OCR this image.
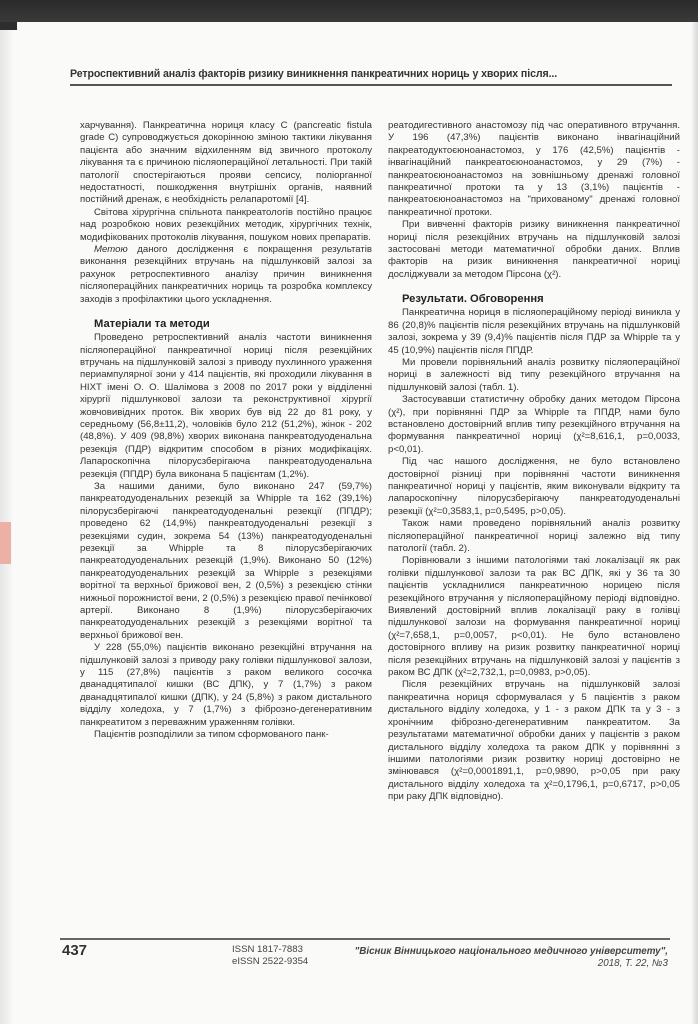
Ретроспективний аналіз факторів ризику виникнення панкреатичних нориць у хворих після...

харчування). Панкреатична нориця класу С (pancreatic fistula grade C) супроводжується докорінною зміною тактики лікування пацієнта або значним відхиленням від звичного протоколу лікування та є причиною післяопераційної летальності. При такій патології спостерігаються прояви сепсису, поліорганної недостатності, пошкодження внутрішніх органів, наявний постійний дренаж, є необхідність релапаротомії [4].

Світова хірургічна спільнота панкреатологів постійно працює над розробкою нових резекційних методик, хірургічних технік, модифікованих протоколів лікування, пошуком нових препаратів.

Метою даного дослідження є покращення результатів виконання резекційних втручань на підшлунковій залозі за рахунок ретроспективного аналізу причин виникнення післяопераційних панкреатичних нориць та розробка комплексу заходів з профілактики цього ускладнення.

Матеріали та методи

Проведено ретроспективний аналіз частоти виникнення післяопераційної панкреатичної нориці після резекційних втручань на підшлунковій залозі з приводу пухлинного ураження периампулярної зони у 414 пацієнтів, які проходили лікування в НІХТ імені О. О. Шалімова з 2008 по 2017 роки у відділенні хірургії підшлункової залози та реконструктивної хірургії жовчовивідних проток. Вік хворих був від 22 до 81 року, у середньому (56,8±11,2), чоловіків було 212 (51,2%), жінок - 202 (48,8%). У 409 (98,8%) хворих виконана панкреатодуоденальна резекція (ПДР) відкритим способом в різних модифікаціях. Лапароскопічна пілорусзберігаюча панкреатодуоденальна резекція (ППДР) була виконана 5 пацієнтам (1,2%).

За нашими даними, було виконано 247 (59,7%) панкреатодуоденальних резекцій за Whipple та 162 (39,1%) пілорусзберігаючі панкреатодуоденальні резекції (ППДР); проведено 62 (14,9%) панкреатодуоденальні резекції з резекціями судин, зокрема 54 (13%) панкреатодуоденальні резекції за Whipple та 8 пілорусзберігаючих панкреатодуоденальних резекцій (1,9%). Виконано 50 (12%) панкреатодуоденальних резекцій за Whipple з резекціями ворітної та верхньої брижової вен, 2 (0,5%) з резекцією стінки нижньої порожнистої вени, 2 (0,5%) з резекцією правої печінкової артерії. Виконано 8 (1,9%) пілорусзберігаючих панкреатодуоденальних резекцій з резекціями ворітної та верхньої брижової вен.

У 228 (55,0%) пацієнтів виконано резекційні втручання на підшлунковій залозі з приводу раку голівки підшлункової залози, у 115 (27,8%) пацієнтів з раком великого сосочка дванадцятипалої кишки (ВС ДПК), у 7 (1,7%) з раком дванадцятипалої кишки (ДПК), у 24 (5,8%) з раком дистального відділу холедоха, у 7 (1,7%) з фіброзно-дегенеративним панкреатитом з переважним ураженням голівки.

Пацієнтів розподілили за типом сформованого панк-

реатодигестивного анастомозу під час оперативного втручання. У 196 (47,3%) пацієнтів виконано інвагінаційний пакреатодуктоєюноанастомоз, у 176 (42,5%) пацієнтів - інвагінаційний панкреатоєюноанастомоз, у 29 (7%) - панкреатоєюноанастомоз на зовнішньому дренажі головної панкреатичної протоки та у 13 (3,1%) пацієнтів - панкреатоєюноанастомоз на "прихованому" дренажі головної панкреатичної протоки.

При вивченні факторів ризику виникнення панкреатичної нориці після резекційних втручань на підшлунковій залозі застосовані методи математичної обробки даних. Вплив факторів на ризик виникнення панкреатичної нориці досліджували за методом Пірсона (χ²).

Результати. Обговорення

Панкреатична нориця в післяопераційному періоді виникла у 86 (20,8)% пацієнтів після резекційних втручань на підшлунковій залозі, зокрема у 39 (9,4)% пацієнтів після ПДР за Whipple та у 45 (10,9%) пацієнтів після ППДР.

Ми провели порівняльний аналіз розвитку післяопераційної нориці в залежності від типу резекційного втручання на підшлунковій залозі (табл. 1).

Застосувавши статистичну обробку даних методом Пірсона (χ²), при порівнянні ПДР за Whipple та ППДР, нами було встановлено достовірний вплив типу резекційного втручання на формування панкреатичної нориці (χ²=8,616,1, p=0,0033, p<0,01).

Під час нашого дослідження, не було встановлено достовірної різниці при порівнянні частоти виникнення панкреатичної нориці у пацієнтів, яким виконували відкриту та лапароскопічну пілорусзберігаючу панкреатодуоденальні резекції (χ²=0,3583,1, p=0,5495, p>0,05).

Також нами проведено порівняльний аналіз розвитку післяопераційної панкреатичної нориці залежно від типу патології (табл. 2).

Порівнювали з іншими патологіями такі локалізації як рак голівки підшлункової залози та рак ВС ДПК, які у 36 та 30 пацієнтів ускладнилися панкреатичною норицею після резекційного втручання у післяопераційному періоді відповідно. Виявлений достовірний вплив локалізації раку в голівці підшлункової залози на формування панкреатичної нориці (χ²=7,658,1, p=0,0057, p<0,01). Не було встановлено достовірного впливу на ризик розвитку панкреатичної нориці після резекційних втручань на підшлунковій залозі у пацієнтів з раком ВС ДПК (χ²=2,732,1, p=0,0983, p>0,05).

Після резекційних втручань на підшлунковій залозі панкреатична нориця сформувалася у 5 пацієнтів з раком дистального відділу холедоха, у 1 - з раком ДПК та у 3 - з хронічним фіброзно-дегенеративним панкреатитом. За результатами математичної обробки даних у пацієнтів з раком дистального відділу холедоха та раком ДПК у порівнянні з іншими патологіями ризик розвитку нориці достовірно не змінювався (χ²=0,0001891,1, p=0,9890, p>0,05 при раку дистального відділу холедоха та χ²=0,1796,1, p=0,6717, p>0,05 при раку ДПК відповідно).

437	ISSN 1817-7883
eISSN 2522-9354
"Вісник Вінницького національного медичного університету",
2018, Т. 22, №3
